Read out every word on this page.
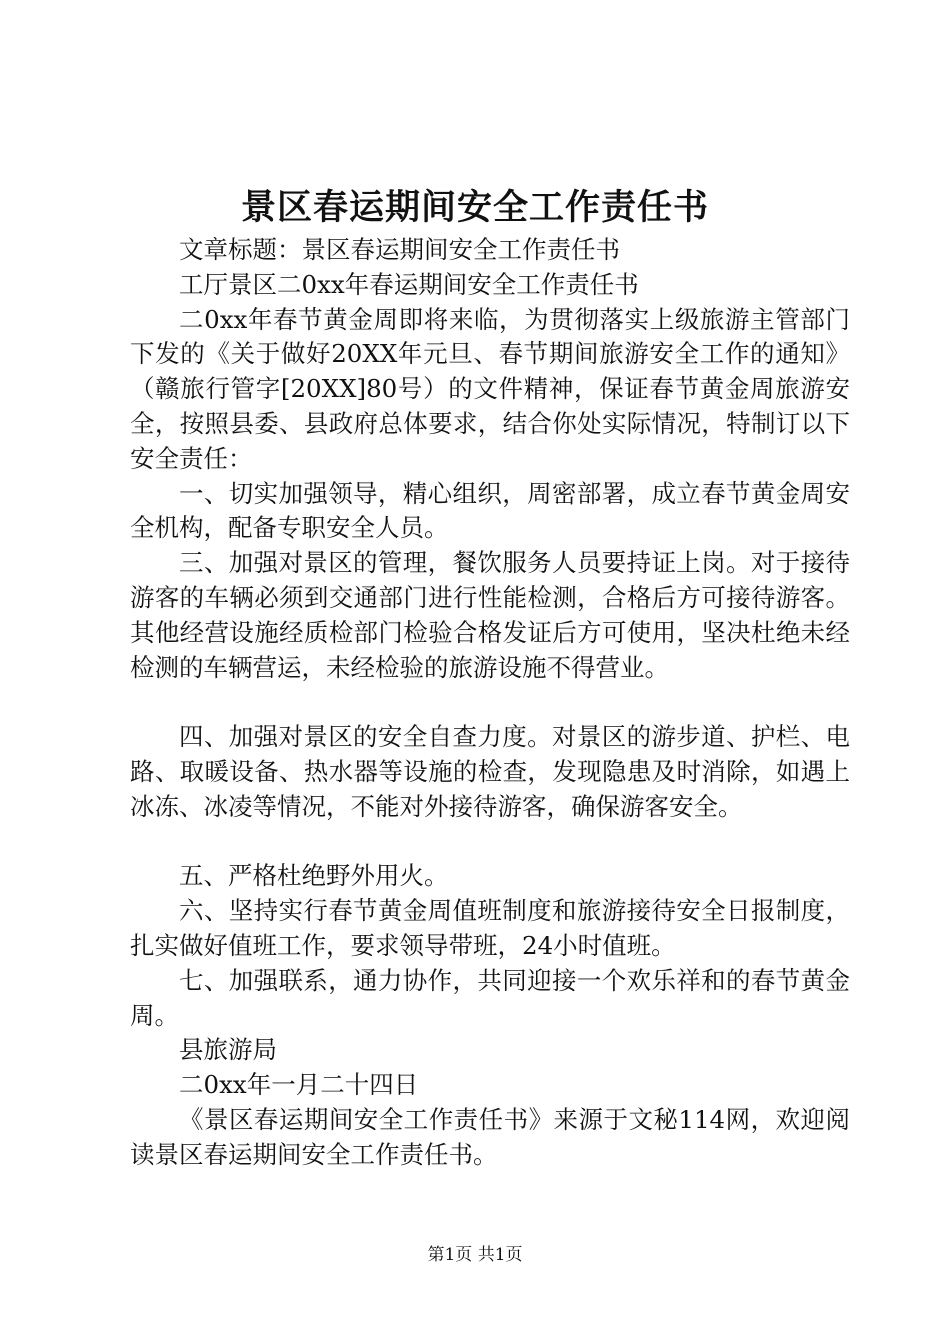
景区春运期间安全工作责任书

文章标题：景区春运期间安全工作责任书

工厅景区二0xx年春运期间安全工作责任书

二0xx年春节黄金周即将来临，为贯彻落实上级旅游主管部门下发的《关于做好20XX年元旦、春节期间旅游安全工作的通知》（赣旅行管字[20XX]80号）的文件精神，保证春节黄金周旅游安全，按照县委、县政府总体要求，结合你处实际情况，特制订以下安全责任：

一、切实加强领导，精心组织，周密部署，成立春节黄金周安全机构，配备专职安全人员。

三、加强对景区的管理，餐饮服务人员要持证上岗。对于接待游客的车辆必须到交通部门进行性能检测，合格后方可接待游客。其他经营设施经质检部门检验合格发证后方可使用，坚决杜绝未经检测的车辆营运，未经检验的旅游设施不得营业。

四、加强对景区的安全自查力度。对景区的游步道、护栏、电路、取暖设备、热水器等设施的检查，发现隐患及时消除，如遇上冰冻、冰凌等情况，不能对外接待游客，确保游客安全。

五、严格杜绝野外用火。

六、坚持实行春节黄金周值班制度和旅游接待安全日报制度，扎实做好值班工作，要求领导带班，24小时值班。

七、加强联系，通力协作，共同迎接一个欢乐祥和的春节黄金周。

县旅游局

二0xx年一月二十四日

《景区春运期间安全工作责任书》来源于文秘114网，欢迎阅读景区春运期间安全工作责任书。

第1页 共1页
